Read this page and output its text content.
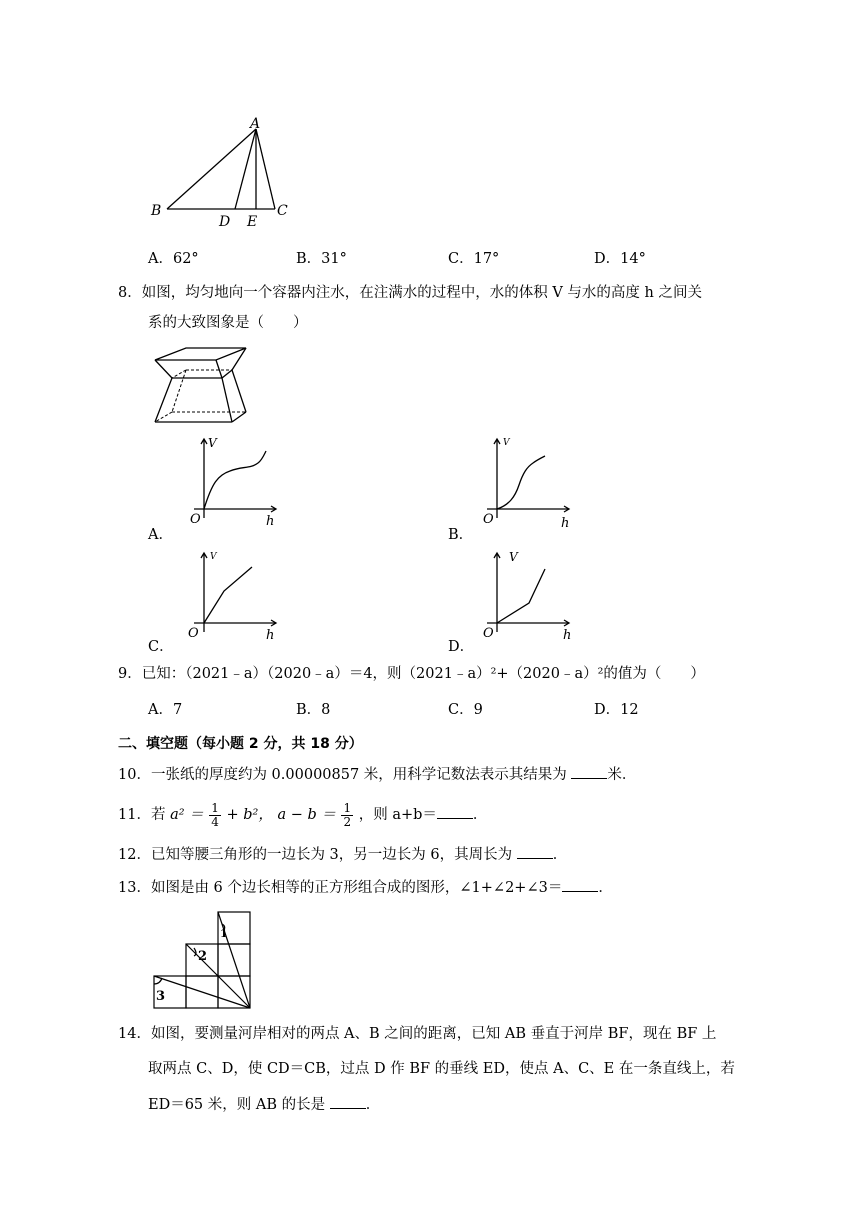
A
B
D E
C
A．62°	B．31°	C．17°	D．14°
8．如图，均匀地向一个容器内注水，在注满水的过程中，水的体积 V 与水的高度 h 之间关
系的大致图象是（　　）
V
O	h
A．
V
O	h
B．
V
O	h
C．
V
O	h
D．
9．已知：（2021﹣a）（2020﹣a）＝4，则（2021﹣a）²+（2020﹣a）²的值为（　　）
A．7	B．8	C．9	D．12
二、填空题（每小题 2 分，共 18 分）
10．一张纸的厚度约为 0.00000857 米，用科学记数法表示其结果为	米．
11．若 $a^2 = \frac{1}{4} + b^2$， $a - b = \frac{1}{2}$ ，则 a+b＝ ．
12．已知等腰三角形的一边长为 3，另一边长为 6，其周长为	．
13．如图是由 6 个边长相等的正方形组合成的图形，∠1+∠2+∠3＝ ．
1
2
3
14．如图，要测量河岸相对的两点 A、B 之间的距离，已知 AB 垂直于河岸 BF，现在 BF 上
取两点 C、D，使 CD＝CB，过点 D 作 BF 的垂线 ED，使点 A、C、E 在一条直线上，若
ED＝65 米，则 AB 的长是	．
